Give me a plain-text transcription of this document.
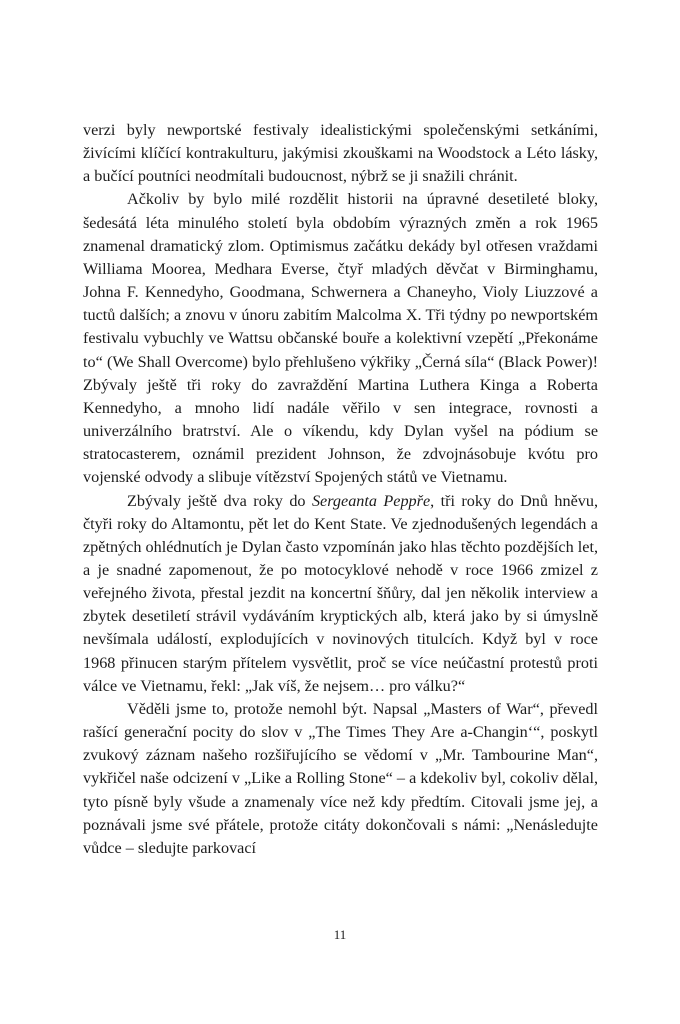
verzi byly newportské festivaly idealistickými společenskými setkáními, živícími klíčící kontrakulturu, jakýmisi zkouškami na Woodstock a Léto lásky, a bučící poutníci neodmítali budoucnost, nýbrž se ji snažili chránit.

Ačkoliv by bylo milé rozdělit historii na úpravné desetileté bloky, šedesátá léta minulého století byla obdobím výrazných změn a rok 1965 znamenal dramatický zlom. Optimismus začátku dekády byl otřesen vraždami Williama Moorea, Medhara Everse, čtyř mladých děvčat v Birminghamu, Johna F. Kennedyho, Goodmana, Schwernera a Chaneyho, Violy Liuzzové a tuctů dalších; a znovu v únoru zabitím Malcolma X. Tři týdny po newportském festivalu vybuchly ve Wattsu občanské bouře a kolektivní vzepětí „Překonáme to“ (We Shall Overcome) bylo přehlušeno výkřiky „Černá síla“ (Black Power)! Zbývaly ještě tři roky do zavraždění Martina Luthera Kinga a Roberta Kennedyho, a mnoho lidí nadále věřilo v sen integrace, rovnosti a univerzálního bratrství. Ale o víkendu, kdy Dylan vyšel na pódium se stratocasterem, oznámil prezident Johnson, že zdvojnásobuje kvótu pro vojenské odvody a slibuje vítězství Spojených států ve Vietnamu.

Zbývaly ještě dva roky do Sergeanta Peppře, tři roky do Dnů hněvu, čtyři roky do Altamontu, pět let do Kent State. Ve zjednodušených legendách a zpětných ohlédnutích je Dylan často vzpomínán jako hlas těchto pozdějších let, a je snadné zapomenout, že po motocyklové nehodě v roce 1966 zmizel z veřejného života, přestal jezdit na koncertní šňůry, dal jen několik interview a zbytek desetiletí strávil vydáváním kryptických alb, která jako by si úmyslně nevšímala událostí, explodujících v novinových titulcích. Když byl v roce 1968 přinucen starým přítelem vysvětlit, proč se více neúčastní protestů proti válce ve Vietnamu, řekl: „Jak víš, že nejsem… pro válku?“

Věděli jsme to, protože nemohl být. Napsal „Masters of War“, převedl rašící generační pocity do slov v „The Times They Are a-Changin‘“, poskytl zvukový záznam našeho rozšiřujícího se vědomí v „Mr. Tambourine Man“, vykřičel naše odcizení v „Like a Rolling Stone“ – a kdekoliv byl, cokoliv dělal, tyto písně byly všude a znamenaly více než kdy předtím. Citovali jsme jej, a poznávali jsme své přátele, protože citáty dokončovali s námi: „Nenásledujte vůdce – sledujte parkovací

11
